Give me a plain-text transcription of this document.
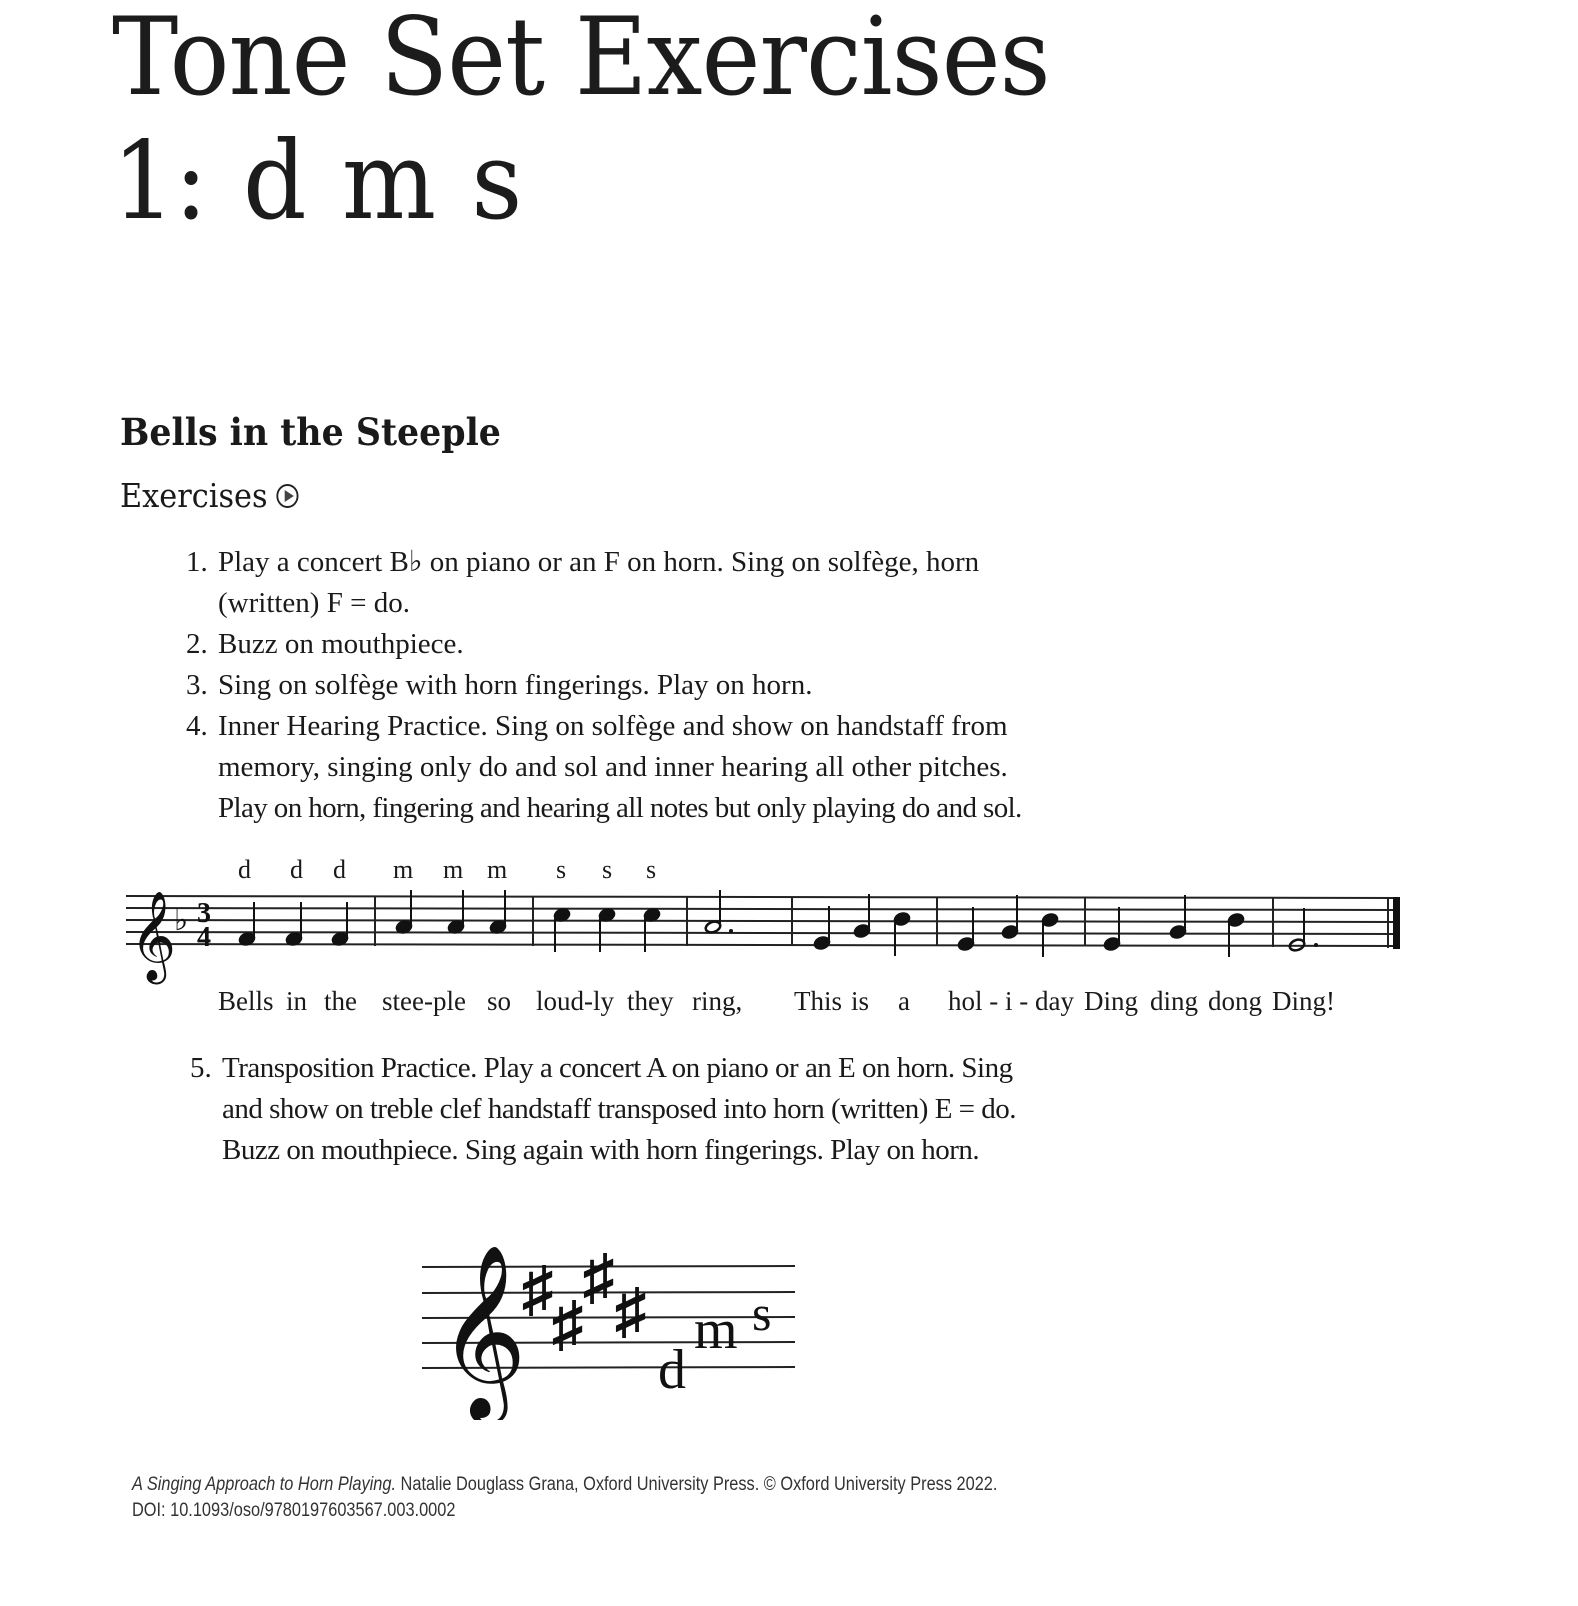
Tone Set Exercises
1: d m s
Bells in the Steeple
Exercises
1. Play a concert B♭ on piano or an F on horn. Sing on solfège, horn
(written) F = do.
2. Buzz on mouthpiece.
3. Sing on solfège with horn fingerings. Play on horn.
4. Inner Hearing Practice. Sing on solfège and show on handstaff from
memory, singing only do and sol and inner hearing all other pitches.
Play on horn, fingering and hearing all notes but only playing do and sol.
d d d m m m s s s
𝄞
♭ 3
4
Bells in the stee-ple so loud-ly they ring, This is a hol - i - day Ding ding dong Ding!
5. Transposition Practice. Play a concert A on piano or an E on horn. Sing
and show on treble clef handstaff transposed into horn (written) E = do.
Buzz on mouthpiece. Sing again with horn fingerings. Play on horn.
𝄞
♯
♯
♯ ♯
d
m s
A Singing Approach to Horn Playing. Natalie Douglass Grana, Oxford University Press. © Oxford University Press 2022.
DOI: 10.1093/oso/9780197603567.003.0002
